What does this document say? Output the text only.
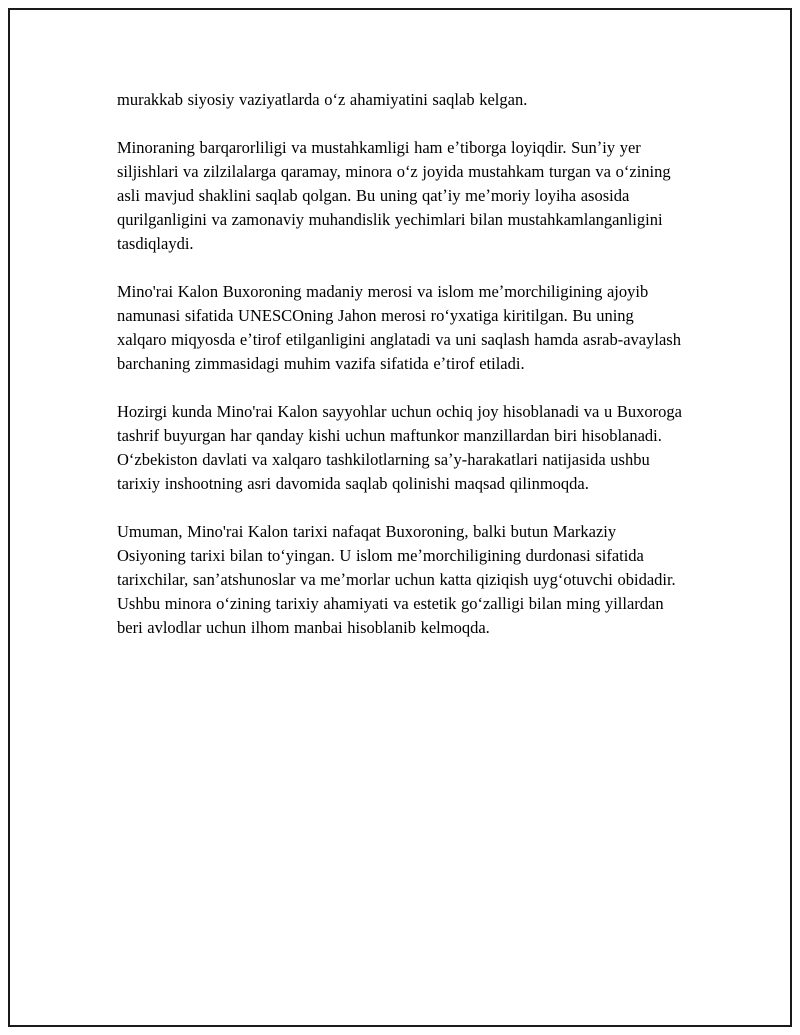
murakkab siyosiy vaziyatlarda oʻz ahamiyatini saqlab kelgan.

Minoraning barqarorliligi va mustahkamligi ham eʼtiborga loyiqdir. Sunʼiy yer siljishlari va zilzilalarga qaramay, minora oʻz joyida mustahkam turgan va oʻzining asli mavjud shaklini saqlab qolgan. Bu uning qatʼiy meʼmoriy loyiha asosida qurilganligini va zamonaviy muhandislik yechimlari bilan mustahkamlanganligini tasdiqlaydi.

Mino'rai Kalon Buxoroning madaniy merosi va islom meʼmorchiligining ajoyib namunasi sifatida UNESCOning Jahon merosi roʻyxatiga kiritilgan. Bu uning xalqaro miqyosda eʼtirof etilganligini anglatadi va uni saqlash hamda asrab-avaylash barchaning zimmasidagi muhim vazifa sifatida eʼtirof etiladi.

Hozirgi kunda Mino'rai Kalon sayyohlar uchun ochiq joy hisoblanadi va u Buxoroga tashrif buyurgan har qanday kishi uchun maftunkor manzillardan biri hisoblanadi. Oʻzbekiston davlati va xalqaro tashkilotlarning saʼy-harakatlari natijasida ushbu tarixiy inshootning asri davomida saqlab qolinishi maqsad qilinmoqda.

Umuman, Mino'rai Kalon tarixi nafaqat Buxoroning, balki butun Markaziy Osiyoning tarixi bilan toʻyingan. U islom meʼmorchiligining durdonasi sifatida tarixchilar, sanʼatshunoslar va meʼmorlar uchun katta qiziqish uygʻotuvchi obidadir. Ushbu minora oʻzining tarixiy ahamiyati va estetik goʻzalligi bilan ming yillardan beri avlodlar uchun ilhom manbai hisoblanib kelmoqda.
